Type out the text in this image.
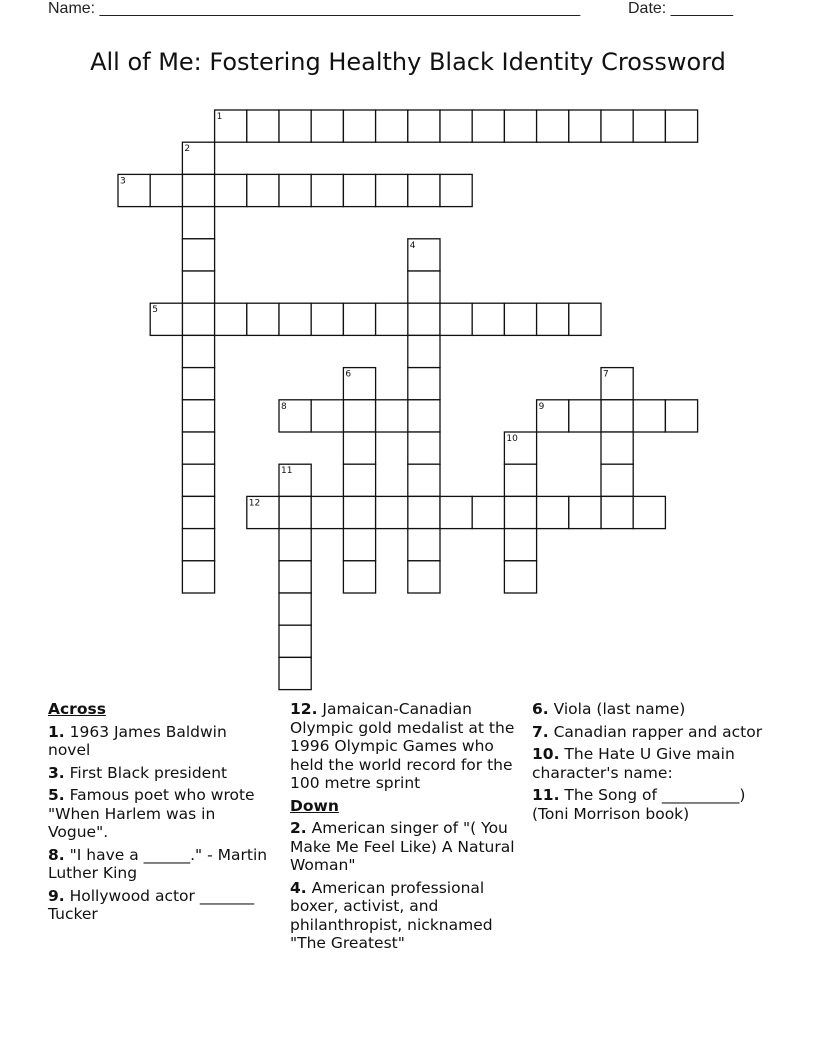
Name: ______________________________________________________	Date: _______
All of Me: Fostering Healthy Black Identity Crossword
1
2
3
4
5
6	7
8	9
10
11
12
Across
1. 1963 James Baldwin novel
3. First Black president
5. Famous poet who wrote "When Harlem was in Vogue".
8. "I have a ______." - Martin Luther King
9. Hollywood actor _______ Tucker
12. Jamaican-Canadian Olympic gold medalist at the 1996 Olympic Games who held the world record for the 100 metre sprint
Down
2. American singer of "( You Make Me Feel Like) A Natural Woman"
4. American professional boxer, activist, and philanthropist, nicknamed "The Greatest"
6. Viola (last name)
7. Canadian rapper and actor
10. The Hate U Give main character's name:
11. The Song of __________) (Toni Morrison book)
